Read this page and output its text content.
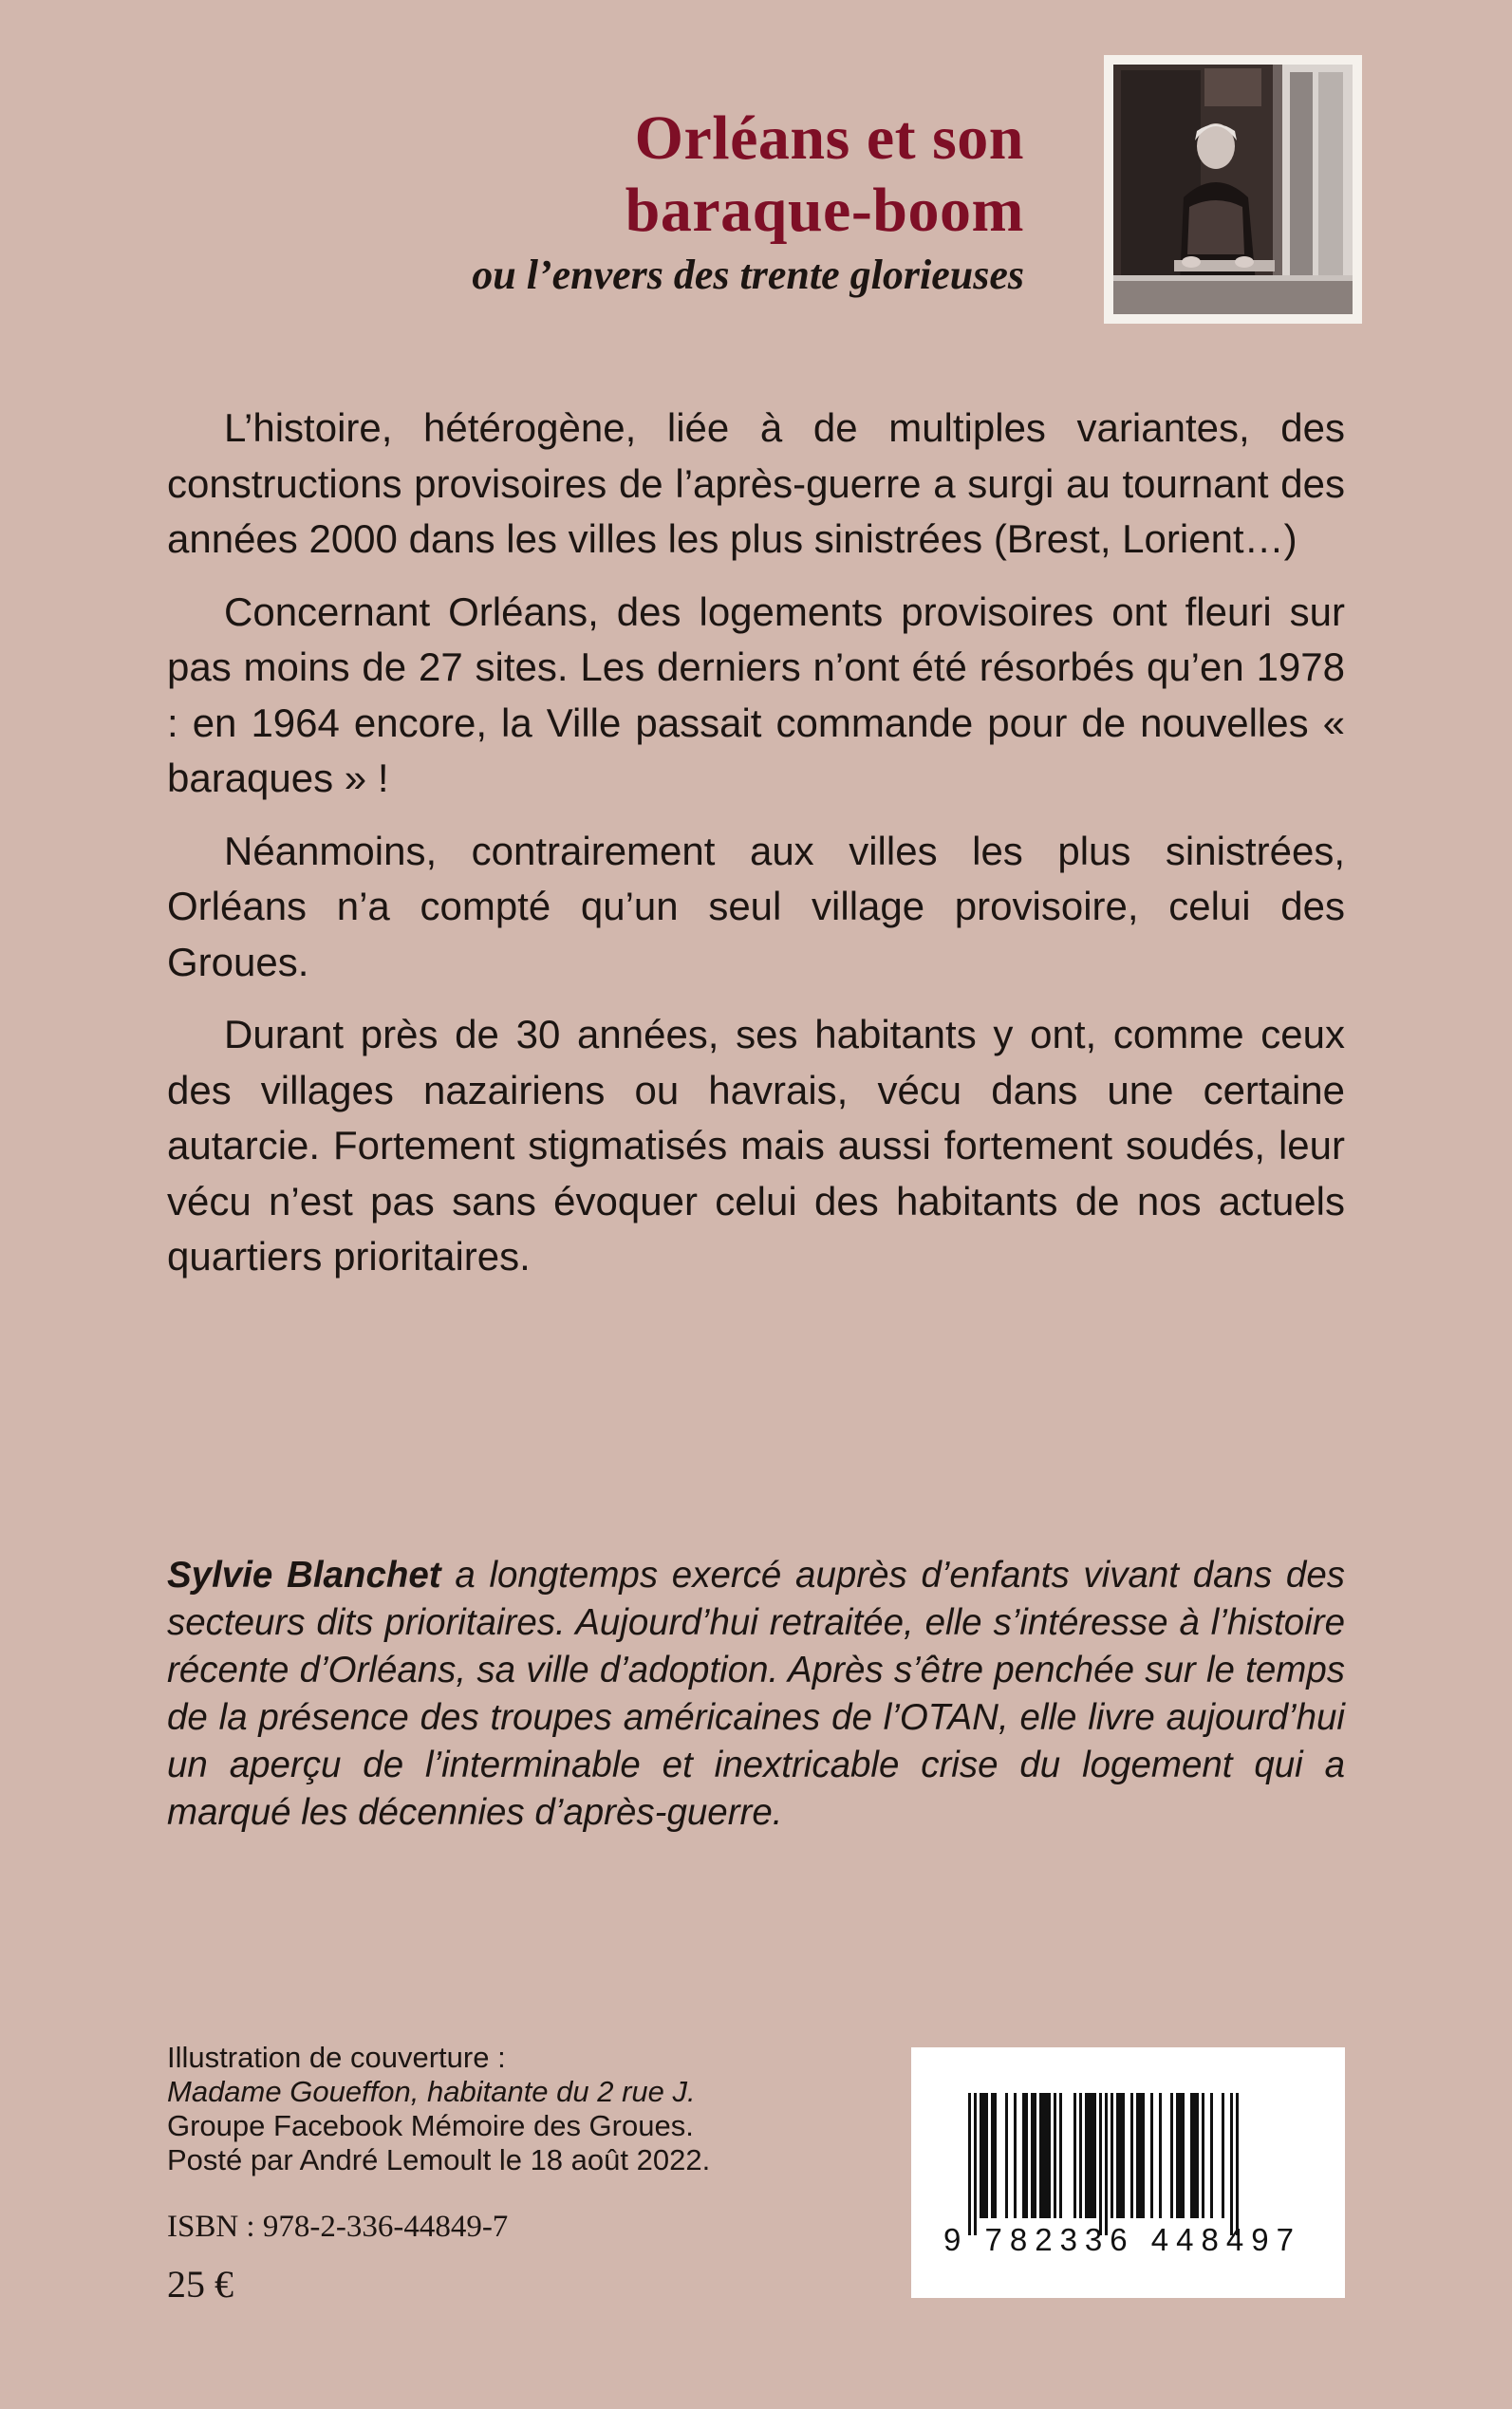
Orléans et son
baraque-boom
ou l’envers des trente glorieuses

L’histoire, hétérogène, liée à de multiples variantes, des constructions provisoires de l’après-guerre a surgi au tournant des années 2000 dans les villes les plus sinistrées (Brest, Lorient…)

Concernant Orléans, des logements provisoires ont fleuri sur pas moins de 27 sites. Les derniers n’ont été résorbés qu’en 1978 : en 1964 encore, la Ville passait commande pour de nouvelles « baraques » !

Néanmoins, contrairement aux villes les plus sinistrées, Orléans n’a compté qu’un seul village provisoire, celui des Groues.

Durant près de 30 années, ses habitants y ont, comme ceux des villages nazairiens ou havrais, vécu dans une certaine autarcie. Fortement stigmatisés mais aussi fortement soudés, leur vécu n’est pas sans évoquer celui des habitants de nos actuels quartiers prioritaires.

Sylvie Blanchet a longtemps exercé auprès d’enfants vivant dans des secteurs dits prioritaires. Aujourd’hui retraitée, elle s’intéresse à l’histoire récente d’Orléans, sa ville d’adoption. Après s’être penchée sur le temps de la présence des troupes américaines de l’OTAN, elle livre aujourd’hui un aperçu de l’interminable et inextricable crise du logement qui a marqué les décennies d’après-guerre.

Illustration de couverture :
Madame Goueffon, habitante du 2 rue J.
Groupe Facebook Mémoire des Groues.
Posté par André Lemoult le 18 août 2022.
ISBN : 978-2-336-44849-7
25 €
9 782336 448497
